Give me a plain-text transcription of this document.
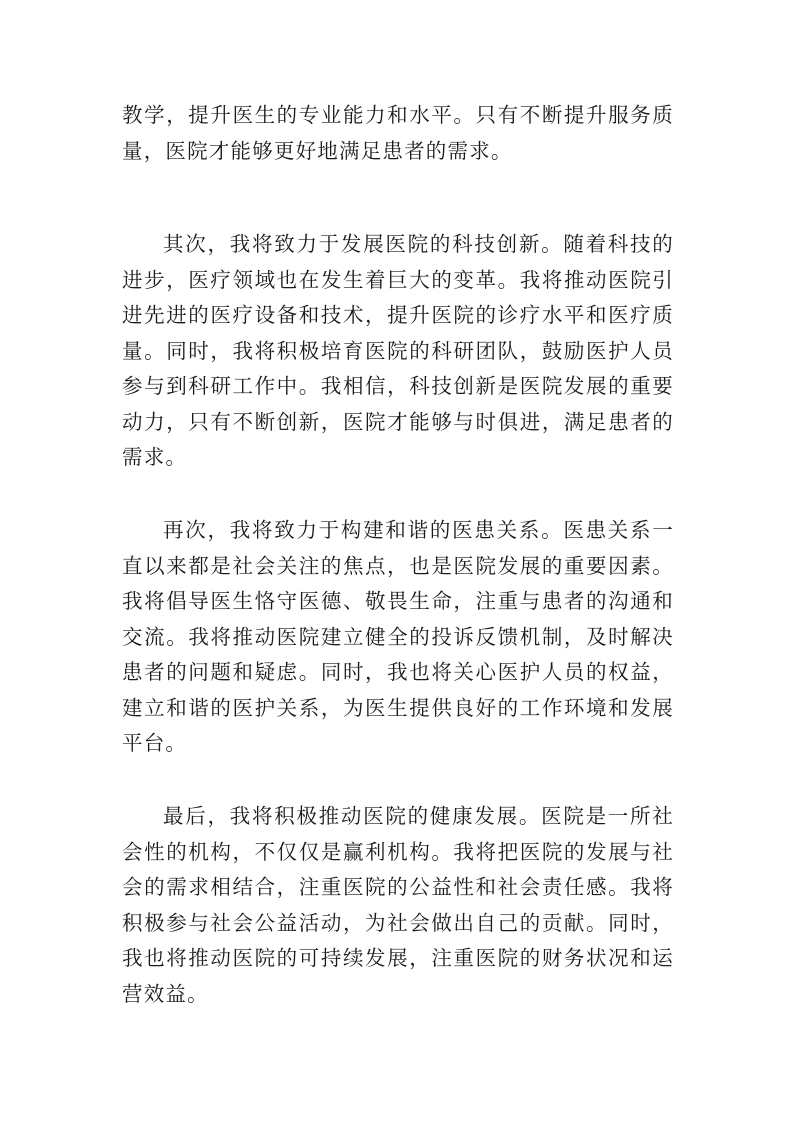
教学，提升医生的专业能力和水平。只有不断提升服务质量，医院才能够更好地满足患者的需求。

其次，我将致力于发展医院的科技创新。随着科技的进步，医疗领域也在发生着巨大的变革。我将推动医院引进先进的医疗设备和技术，提升医院的诊疗水平和医疗质量。同时，我将积极培育医院的科研团队，鼓励医护人员参与到科研工作中。我相信，科技创新是医院发展的重要动力，只有不断创新，医院才能够与时俱进，满足患者的需求。

再次，我将致力于构建和谐的医患关系。医患关系一直以来都是社会关注的焦点，也是医院发展的重要因素。我将倡导医生恪守医德、敬畏生命，注重与患者的沟通和交流。我将推动医院建立健全的投诉反馈机制，及时解决患者的问题和疑虑。同时，我也将关心医护人员的权益，建立和谐的医护关系，为医生提供良好的工作环境和发展平台。

最后，我将积极推动医院的健康发展。医院是一所社会性的机构，不仅仅是赢利机构。我将把医院的发展与社会的需求相结合，注重医院的公益性和社会责任感。我将积极参与社会公益活动，为社会做出自己的贡献。同时，我也将推动医院的可持续发展，注重医院的财务状况和运营效益。
